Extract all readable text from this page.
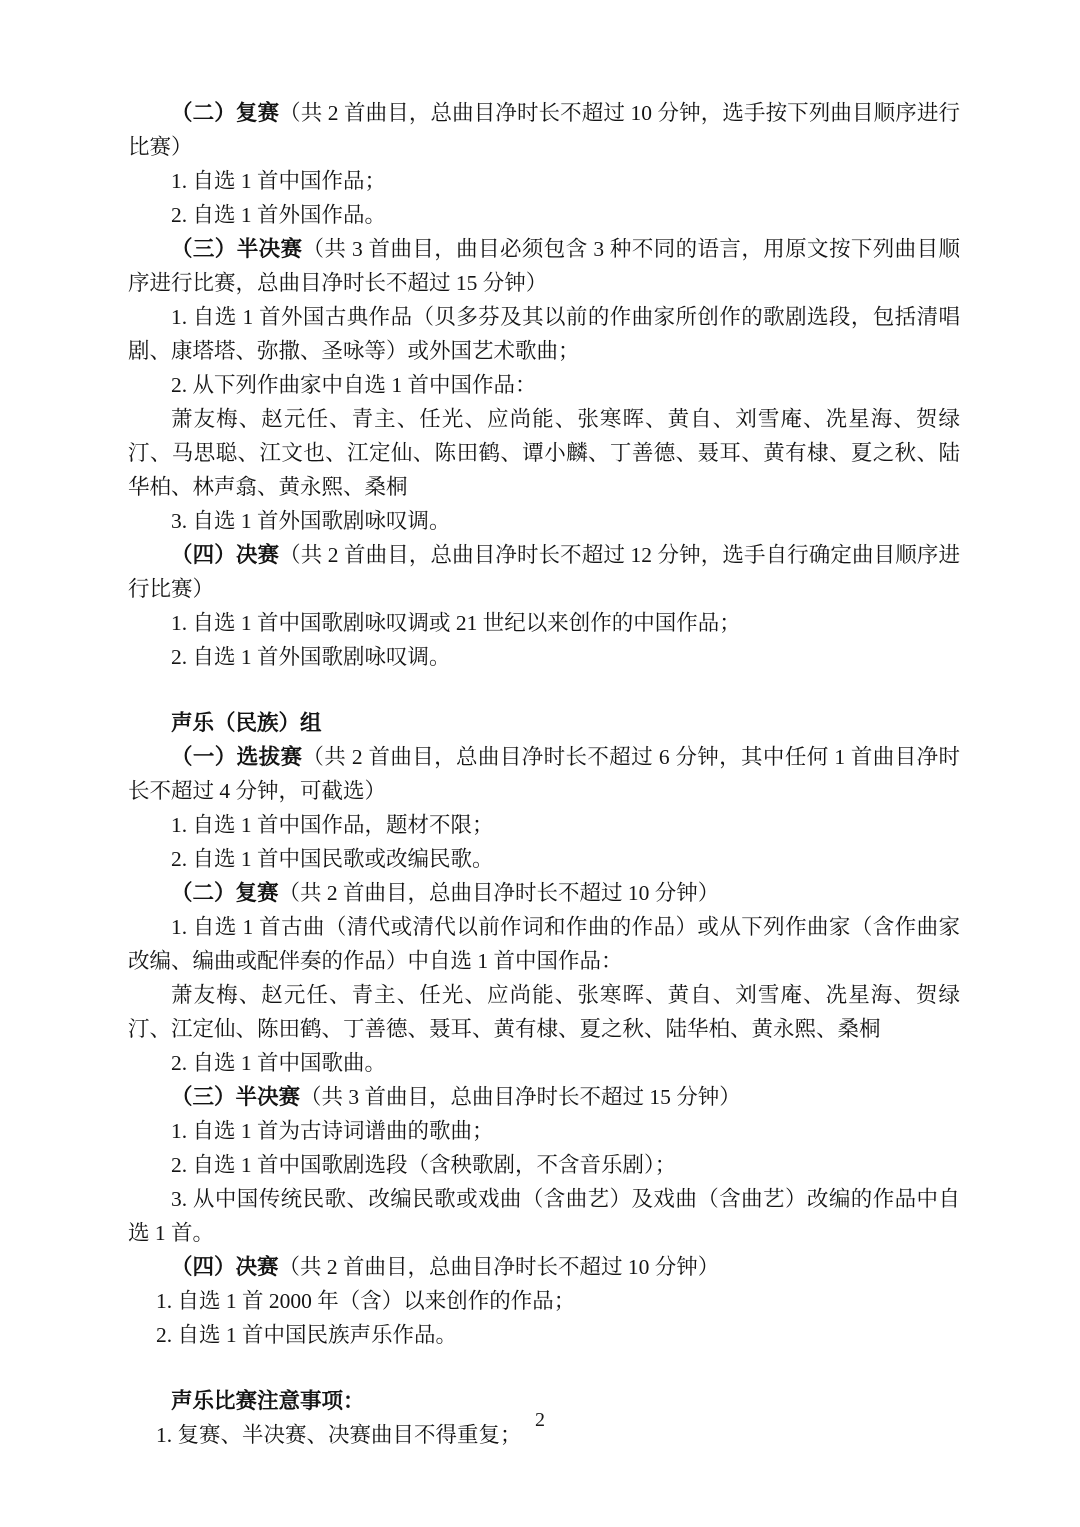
（二）复赛（共 2 首曲目，总曲目净时长不超过 10 分钟，选手按下列曲目顺序进行比赛）

1. 自选 1 首中国作品；

2. 自选 1 首外国作品。

（三）半决赛（共 3 首曲目，曲目必须包含 3 种不同的语言，用原文按下列曲目顺序进行比赛，总曲目净时长不超过 15 分钟）

1. 自选 1 首外国古典作品（贝多芬及其以前的作曲家所创作的歌剧选段，包括清唱剧、康塔塔、弥撒、圣咏等）或外国艺术歌曲；

2. 从下列作曲家中自选 1 首中国作品：

萧友梅、赵元任、青主、任光、应尚能、张寒晖、黄自、刘雪庵、冼星海、贺绿汀、马思聪、江文也、江定仙、陈田鹤、谭小麟、丁善德、聂耳、黄有棣、夏之秋、陆华柏、林声翕、黄永熙、桑桐

3. 自选 1 首外国歌剧咏叹调。

（四）决赛（共 2 首曲目，总曲目净时长不超过 12 分钟，选手自行确定曲目顺序进行比赛）

1. 自选 1 首中国歌剧咏叹调或 21 世纪以来创作的中国作品；

2. 自选 1 首外国歌剧咏叹调。

声乐（民族）组

（一）选拔赛（共 2 首曲目，总曲目净时长不超过 6 分钟，其中任何 1 首曲目净时长不超过 4 分钟，可截选）

1. 自选 1 首中国作品，题材不限；

2. 自选 1 首中国民歌或改编民歌。

（二）复赛（共 2 首曲目，总曲目净时长不超过 10 分钟）

1. 自选 1 首古曲（清代或清代以前作词和作曲的作品）或从下列作曲家（含作曲家改编、编曲或配伴奏的作品）中自选 1 首中国作品：

萧友梅、赵元任、青主、任光、应尚能、张寒晖、黄自、刘雪庵、冼星海、贺绿汀、江定仙、陈田鹤、丁善德、聂耳、黄有棣、夏之秋、陆华柏、黄永熙、桑桐

2. 自选 1 首中国歌曲。

（三）半决赛（共 3 首曲目，总曲目净时长不超过 15 分钟）

1. 自选 1 首为古诗词谱曲的歌曲；

2. 自选 1 首中国歌剧选段（含秧歌剧，不含音乐剧）；

3. 从中国传统民歌、改编民歌或戏曲（含曲艺）及戏曲（含曲艺）改编的作品中自选 1 首。

（四）决赛（共 2 首曲目，总曲目净时长不超过 10 分钟）

1. 自选 1 首 2000 年（含）以来创作的作品；

2. 自选 1 首中国民族声乐作品。

声乐比赛注意事项：

1. 复赛、半决赛、决赛曲目不得重复；

2
